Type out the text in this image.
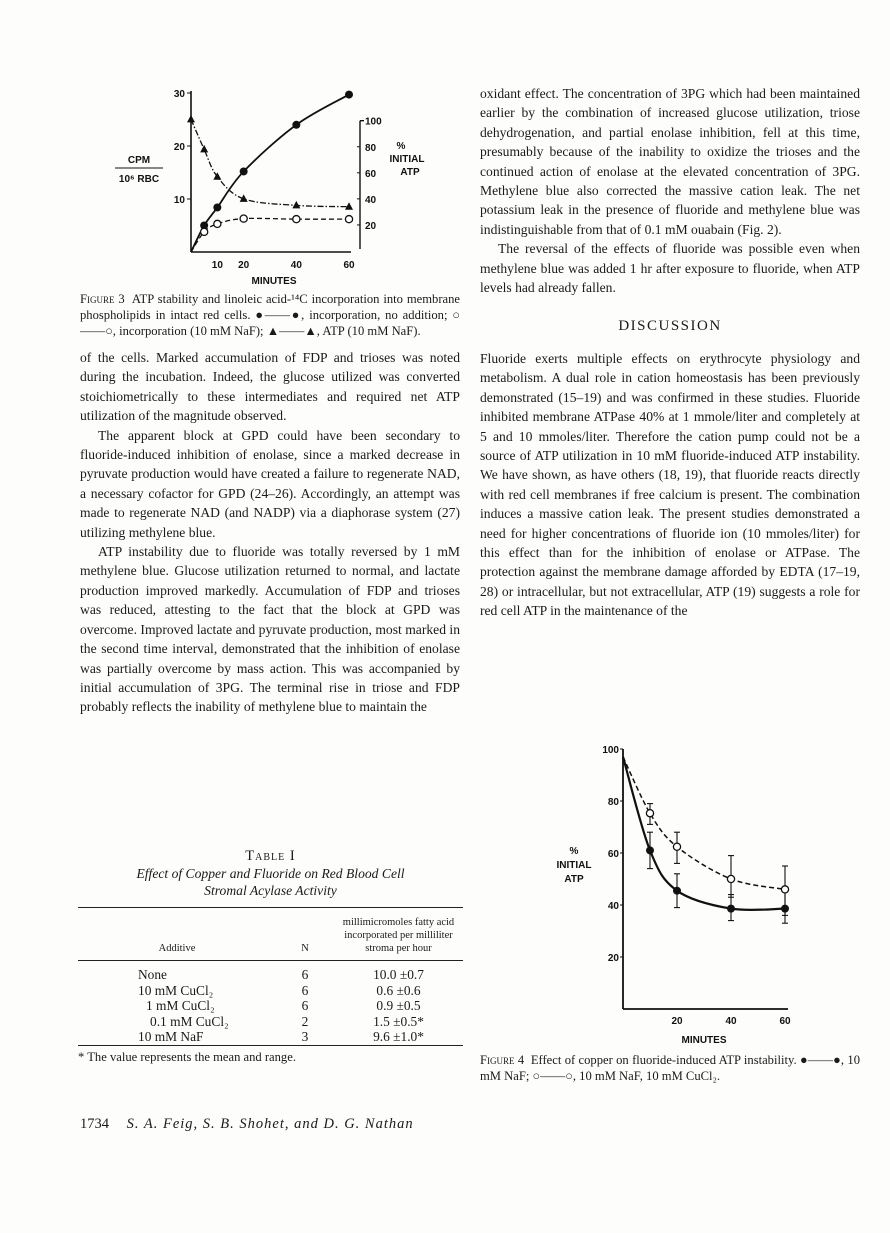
10
20
30
20
40
60
80
100
10 20	40	60
MINUTES
CPM
10⁶ RBC
%
INITIAL
ATP
Figure 3 ATP stability and linoleic acid-¹⁴C incorporation into membrane phospholipids in intact red cells. ●——●, incorporation, no addition; ○——○, incorporation (10 mM NaF); ▲——▲, ATP (10 mM NaF).

of the cells. Marked accumulation of FDP and trioses was noted during the incubation. Indeed, the glucose utilized was converted stoichiometrically to these intermediates and required net ATP utilization of the magnitude observed.

The apparent block at GPD could have been secondary to fluoride-induced inhibition of enolase, since a marked decrease in pyruvate production would have created a failure to regenerate NAD, a necessary cofactor for GPD (24–26). Accordingly, an attempt was made to regenerate NAD (and NADP) via a diaphorase system (27) utilizing methylene blue.

ATP instability due to fluoride was totally reversed by 1 mM methylene blue. Glucose utilization returned to normal, and lactate production improved markedly. Accumulation of FDP and trioses was reduced, attesting to the fact that the block at GPD was overcome. Improved lactate and pyruvate production, most marked in the second time interval, demonstrated that the inhibition of enolase was partially overcome by mass action. This was accompanied by initial accumulation of 3PG. The terminal rise in triose and FDP probably reflects the inability of methylene blue to maintain the

Table I
Effect of Copper and Fluoride on Red Blood Cell
Stromal Acylase Activity
Additive	N	millimicromoles fatty acid incorporated per milliliter stroma per hour
None	6	10.0 ±0.7
10 mM CuCl₂	6	0.6 ±0.6
1 mM CuCl₂	6	0.9 ±0.5
0.1 mM CuCl₂	2	1.5 ±0.5*
10 mM NaF	3	9.6 ±1.0*
* The value represents the mean and range.

oxidant effect. The concentration of 3PG which had been maintained earlier by the combination of increased glucose utilization, triose dehydrogenation, and partial enolase inhibition, fell at this time, presumably because of the inability to oxidize the trioses and the continued action of enolase at the elevated concentration of 3PG. Methylene blue also corrected the massive cation leak. The net potassium leak in the presence of fluoride and methylene blue was indistinguishable from that of 0.1 mM ouabain (Fig. 2).

The reversal of the effects of fluoride was possible even when methylene blue was added 1 hr after exposure to fluoride, when ATP levels had already fallen.

DISCUSSION

Fluoride exerts multiple effects on erythrocyte physiology and metabolism. A dual role in cation homeostasis has been previously demonstrated (15–19) and was confirmed in these studies. Fluoride inhibited membrane ATPase 40% at 1 mmole/liter and completely at 5 and 10 mmoles/liter. Therefore the cation pump could not be a source of ATP utilization in 10 mM fluoride-induced ATP instability. We have shown, as have others (18, 19), that fluoride reacts directly with red cell membranes if free calcium is present. The combination induces a massive cation leak. The present studies demonstrated a need for higher concentrations of fluoride ion (10 mmoles/liter) for this effect than for the inhibition of enolase or ATPase. The protection against the membrane damage afforded by EDTA (17–19, 28) or intracellular, but not extracellular, ATP (19) suggests a role for red cell ATP in the maintenance of the

20
40
60
80
100
20	40	60
MINUTES
%
INITIAL
ATP
Figure 4 Effect of copper on fluoride-induced ATP instability. ●——●, 10 mM NaF; ○——○, 10 mM NaF, 10 mM CuCl₂.
1734 S. A. Feig, S. B. Shohet, and D. G. Nathan
